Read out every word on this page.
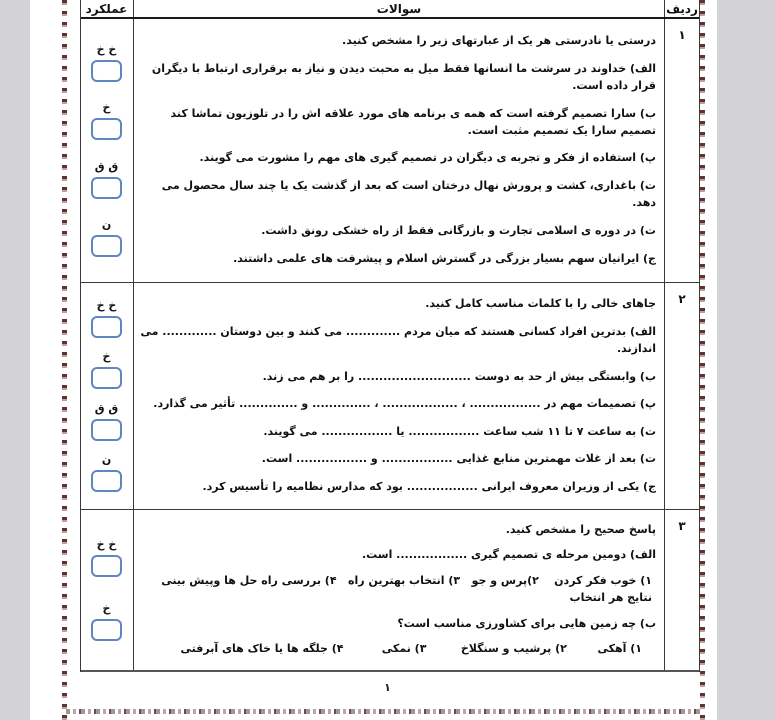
رديف
سوالات
عملكرد
۱
درستی یا نادرستی هر یک از عبارتهای زیر را مشخص کنید.
الف) خداوند در سرشت ما انسانها فقط میل به محبت دیدن و نیاز به برقراری ارتباط با دیگران قرار داده است.
ب) سارا تصمیم گرفته است که همه ی برنامه های مورد علاقه اش را در تلوزیون تماشا کند تصمیم سارا یک تصمیم مثبت است.
پ) استفاده از فکر و تجربه ی دیگران در تصمیم گیری های مهم را مشورت می گویند.
ت) باغداری، کشت و پرورش نهال درختان است که بعد از گذشت یک یا چند سال محصول می دهد.
ت) در دوره ی اسلامی تجارت و بازرگانی فقط از راه خشکی رونق داشت.
ج) ایرانیان سهم بسیار بزرگی در گسترش اسلام و پیشرفت های علمی داشتند.
خ خ
خ
ق ق
ن
۲
جاهای خالی را با کلمات مناسب کامل کنید.
الف) بدترین افراد کسانی هستند که میان مردم ............. می کنند و بین دوستان ............. می اندازند.
ب) وابستگی بیش از حد به دوست ........................... را بر هم می زند.
پ) تصمیمات مهم در ................. ، .................. ، .............. و .............. تأثیر می گذارد.
ت) به ساعت ۷ تا ۱۱ شب ساعت ................. یا ................. می گویند.
ت) بعد از غلات مهمترین منابع غذایی ................. و ................. است.
ج) یکی از وزیران معروف ایرانی ................. بود که مدارس نظامیه را تأسیس کرد.
خ خ
خ
ق ق
ن
۳
پاسخ صحیح را مشخص کنید.
الف) دومین مرحله ی تصمیم گیری ................. است.
۱) خوب فکر کردن    ۲)پرس و جو   ۳) انتخاب بهترین راه   ۴) بررسی راه حل ها وپیش بینی نتایج هر انتخاب
ب) چه زمین هایی برای کشاورزی مناسب است؟
۱) آهکی        ۲) پرشیب و سنگلاخ         ۳) نمکی          ۴) جلگه ها یا خاک های آبرفتی
خ خ
خ
۱
